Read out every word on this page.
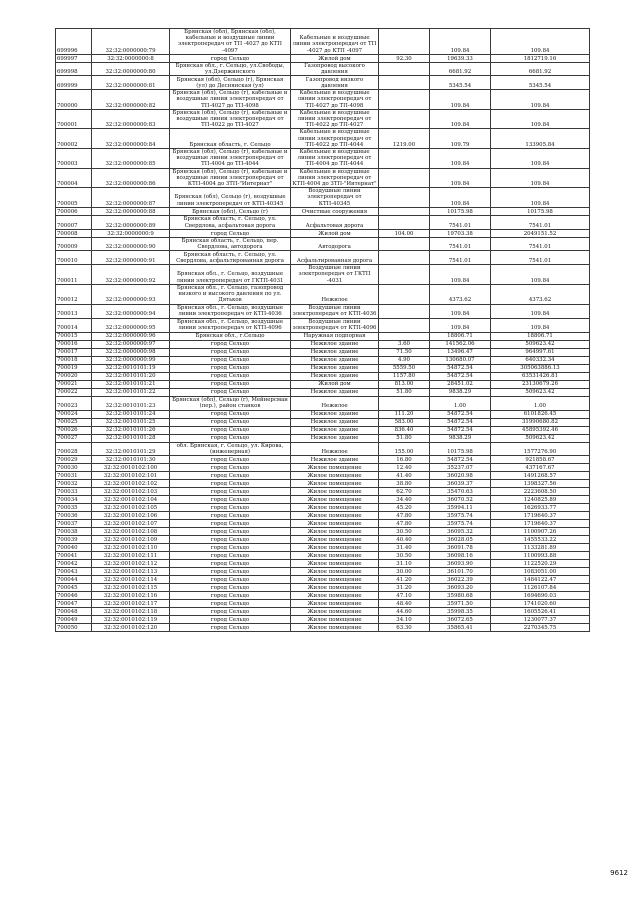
699996	32:32:0000000:79	Брянская (обл), Брянская (обл), кабельные и воздушные линии электропередач от ТП -4027 до КТП -4097	Кабельные и воздушные линии электропередач от ТП -4027 до КТП -4097		109.84	109.84
699997	32:32:0000000:8	город Сельцо	Жилой дом	92.30	19639.33	1812719.16
699998	32:32:0000000:80	Брянская обл., г. Сельцо, ул.Свободы, ул.Дзержинского	Газопровод высокого давления		6681.92	6681.92
699999	32:32:0000000:81	Брянская (обл), Сельцо (г), Брянская (ул) до Деснянская (ул)	Газопровод низкого давления		5345.54	5345.54
700000	32:32:0000000:82	Брянская (обл), Сельцо (г), кабельные и воздушные линии электропередач от ТП-4027 до ТП-4098	Кабельные и воздушные линии электропередач от ТП-4027 до ТП-4098		109.84	109.84
700001	32:32:0000000:83	Брянская (обл), Сельцо (г), кабельные и воздушные линии электропередач от ТП-4022 до ТП-4027	Кабельные и воздушные линии электропередач от ТП-4022 до ТП-4027		109.84	109.84
700002	32:32:0000000:84	Брянская область, г. Сельцо	Кабельные и воздушные линии электропередач от ТП-4022 до ТП-4044	1219.00	109.79	133905.84
700003	32:32:0000000:85	Брянская (обл), Сельцо (г), кабельные и воздушные линии электропередач от ТП-4004 до ТП-4044	Кабельные и воздушные линии электропередач от ТП-4004 до ТП-4044		109.84	109.84
700004	32:32:0000000:86	Брянская (обл), Сельцо (г), кабельные и воздушные линии электропередач от КТП-4004 до ЗТП-"Интернат"	Кабельные и воздушные линии электропередач от КТП-4004 до ЗТП-"Интернат"		109.84	109.84
700005	32:32:0000000:87	Брянская (обл), Сельцо (г), воздушные линии электропередач от КТП-40345	Воздушные линии электропередач от КТП-40345		109.84	109.84
700006	32:32:0000000:88	Брянская (обл), Сельцо (г)	Очистные сооружения		10175.98	10175.98
700007	32:32:0000000:89	Брянская область, г. Сельцо, ул. Свердлова, асфальтовая дорога	Асфальтовая дорога		7541.01	7541.01
700008	32:32:0000000:9	город Сельцо	Жилой дом	104.00	19703.38	2049151.52
700009	32:32:0000000:90	Брянская область, г. Сельцо, пер. Свердлова, автодорога	Автодорога		7541.01	7541.01
700010	32:32:0000000:91	Брянская область, г. Сельцо, ул. Свердлова, асфальтированная дорога	Асфальтированная дорога		7541.01	7541.01
700011	32:32:0000000:92	Брянская обл., г. Сельцо, воздушные линии электропередач от ГКТП-4031	Воздушные линии электропередач от ГКТП -4031		109.84	109.84
700012	32:32:0000000:93	Брянская обл., г. Сельцо, газопровод низкого и высокого давления по ул. Дятьков	Нежилое		4373.62	4373.62
700013	32:32:0000000:94	Брянская обл., г. Сельцо, воздушные линии электропередач от КТП-4036	Воздушные линии электропередач от КТП-4036		109.84	109.84
700014	32:32:0000000:95	Брянская обл., г. Сельцо, воздушные линии электропередач от КТП-4096	Воздушные линии электропередач от КТП-4096		109.84	109.84
700015	32:32:0000000:96	Брянская обл., г.Сельцо	Наружная подпорная		18806.71	18806.71
700016	32:32:0000000:97	город Сельцо	Нежилое здание	3.60	141562.06	509623.42
700017	32:32:0000000:98	город Сельцо	Нежилое здание	71.50	13496.47	964997.61
700018	32:32:0000000:99	город Сельцо	Нежилое здание	4.90	130680.07	640332.34
700019	32:32:0010101:19	город Сельцо	Нежилое здание	5559.50	54872.54	305063886.13
700020	32:32:0010101:20	город Сельцо	Нежилое здание	1157.80	54872.54	63531426.81
700021	32:32:0010101:21	город Сельцо	Жилой дом	813.00	28451.02	23130679.26
700022	32:32:0010101:22	город Сельцо	Нежилое здание	51.80	9838.29	509623.42
700023	32:32:0010101:23	Брянская (обл), Сельцо (г), Мейнерсман (пер.), район станков	Нежилое		1.00	1.00
700024	32:32:0010101:24	город Сельцо	Нежилое здание	111.20	54872.54	6101826.45
700025	32:32:0010101:25	город Сельцо	Нежилое здание	583.00	54872.54	31990680.82
700026	32:32:0010101:26	город Сельцо	Нежилое здание	836.40	54872.54	45895392.46
700027	32:32:0010101:28	город Сельцо	Нежилое здание	51.80	9838.29	509623.42
700028	32:32:0010101:29	обл. Брянская, г. Сельцо, ул. Кирова, (инженерная)	Нежилое	155.00	10175.98	1577276.90
700029	32:32:0010101:30	город Сельцо	Нежилое здание	16.80	54872.54	921858.67
700030	32:32:0010102:100	город Сельцо	Жилое помещение	12.40	35237.07	437167.67
700031	32:32:0010102:101	город Сельцо	Жилое помещение	41.40	36020.98	1491268.57
700032	32:32:0010102:102	город Сельцо	Жилое помещение	38.80	36039.37	1398327.56
700033	32:32:0010102:103	город Сельцо	Жилое помещение	62.70	35470.63	2223608.50
700034	32:32:0010102:104	город Сельцо	Жилое помещение	34.40	36070.52	1240825.89
700035	32:32:0010102:105	город Сельцо	Жилое помещение	45.20	35994.11	1626933.77
700036	32:32:0010102:106	город Сельцо	Жилое помещение	47.80	35975.74	1719640.37
700037	32:32:0010102:107	город Сельцо	Жилое помещение	47.80	35975.74	1719640.37
700038	32:32:0010102:108	город Сельцо	Жилое помещение	30.50	36095.32	1100907.26
700039	32:32:0010102:109	город Сельцо	Жилое помещение	40.40	36028.05	1455533.22
700040	32:32:0010102:110	город Сельцо	Жилое помещение	31.40	36091.78	1133281.89
700041	32:32:0010102:111	город Сельцо	Жилое помещение	30.50	36098.16	1100993.88
700042	32:32:0010102:112	город Сельцо	Жилое помещение	31.10	36093.90	1122520.29
700043	32:32:0010102:113	город Сельцо	Жилое помещение	30.00	36101.70	1083051.00
700044	32:32:0010102:114	город Сельцо	Жилое помещение	41.20	36022.39	1484122.47
700045	32:32:0010102:115	город Сельцо	Жилое помещение	31.20	36093.20	1126107.84
700046	32:32:0010102:116	город Сельцо	Жилое помещение	47.10	35980.68	1694690.03
700047	32:32:0010102:117	город Сельцо	Жилое помещение	48.40	35971.50	1741020.60
700048	32:32:0010102:118	город Сельцо	Жилое помещение	44.60	35998.35	1605526.41
700049	32:32:0010102:119	город Сельцо	Жилое помещение	34.10	36072.65	1230077.37
700050	32:32:0010102:120	город Сельцо	Жилое помещение	63.30	35865.41	2270345.75
9612
